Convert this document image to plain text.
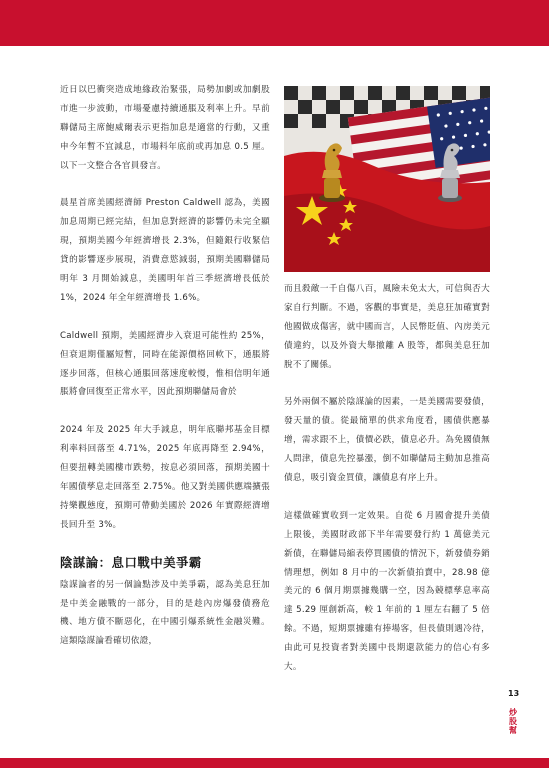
近日以巴衝突造成地緣政治緊張，局勢加劇或加劇股市進一步波動，市場憂慮持續通脹及利率上升。早前聯儲局主席鮑威爾表示更指加息是適當的行動，又重申今年暫不宜減息，市場料年底前或再加息 0.5 厘。以下一文整合各官員發言。

晨星首席美國經濟師 Preston Caldwell 認為，美國加息周期已經完結，但加息對經濟的影響仍未完全顯現，預期美國今年經濟增長 2.3%，但隨銀行收緊信貸的影響逐步展現，消費意慾減弱，預期美國聯儲局明年 3 月開始減息，美國明年首三季經濟增長低於 1%，2024 年全年經濟增長 1.6%。

Caldwell 預期，美國經濟步入衰退可能性約 25%，但衰退期僅屬短暫，同時在能源價格回軟下，通脹將逐步回落，但核心通脹回落速度較慢，惟相信明年通脹將會回復至正常水平，因此預期聯儲局會於

2024 年及 2025 年大手減息，明年底聯邦基金目標利率料回落至 4.71%，2025 年底再降至 2.94%，但要扭轉美國樓市跌勢，按息必須回落，預期美國十年國債孳息走回落至 2.75%。他又對美國供應端擴張持樂觀態度，預期可帶動美國於 2026 年實際經濟增長回升至 3%。

陰謀論：息口戰中美爭霸

陰謀論者的另一個論點涉及中美爭霸，認為美息狂加是中美金融戰的一部分，目的是趁內房爆發債務危機、地方債不斷惡化，在中國引爆系統性金融災難。這類陰謀論看確切依證，

而且殺敵一千自傷八百，風險未免太大，可信與否大家自行判斷。不過，客觀的事實是，美息狂加確實對他國做成傷害，就中國而言，人民幣貶值、內房美元債違約，以及外資大舉撤離 A 股等，都與美息狂加脫不了關係。

另外兩個不屬於陰謀論的因素，一是美國需要發債，發天量的債。從最簡單的供求角度看，國債供應暴增，需求跟不上，債價必跌，債息必升。為免國債無人問津，債息先控暴漲，倒不如聯儲局主動加息推高債息，吸引資金買債，讓債息有序上升。

這樣做確實收到一定效果。自從 6 月國會提升美債上限後，美國財政部下半年需要發行約 1 萬億美元新債，在聯儲局縮表停買國債的情況下，新發債券銷情理想，例如 8 月中的一次新債拍賣中，28.98 億美元的 6 個月期票據幾購一空，因為競標孳息率高達 5.29 厘創新高，較 1 年前的 1 厘左右翻了 5 倍餘。不過，短期票據雖有捧場客，但長債則遇冷待，由此可見投資者對美國中長期還款能力的信心有多大。

13
炒股幫
